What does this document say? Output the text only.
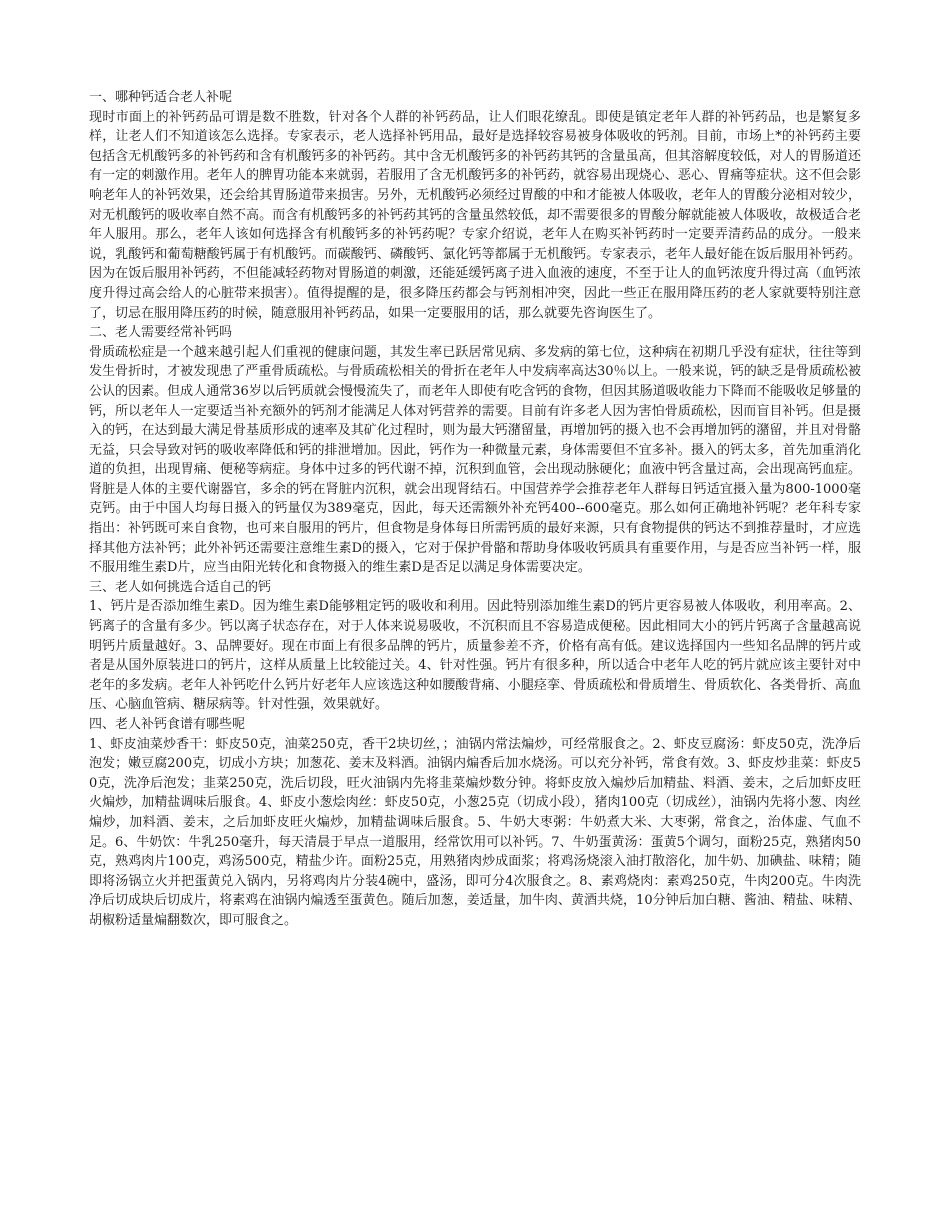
一、哪种钙适合老人补呢

现时市面上的补钙药品可谓是数不胜数，针对各个人群的补钙药品，让人们眼花缭乱。即使是镇定老年人群的补钙药品，也是繁复多样，让老人们不知道该怎么选择。专家表示，老人选择补钙用品，最好是选择较容易被身体吸收的钙剂。目前，市场上*的补钙药主要包括含无机酸钙多的补钙药和含有机酸钙多的补钙药。其中含无机酸钙多的补钙药其钙的含量虽高，但其溶解度较低，对人的胃肠道还有一定的刺激作用。老年人的脾胃功能本来就弱，若服用了含无机酸钙多的补钙药，就容易出现烧心、恶心、胃痛等症状。这不但会影响老年人的补钙效果，还会给其胃肠道带来损害。另外，无机酸钙必须经过胃酸的中和才能被人体吸收，老年人的胃酸分泌相对较少，对无机酸钙的吸收率自然不高。而含有机酸钙多的补钙药其钙的含量虽然较低，却不需要很多的胃酸分解就能被人体吸收，故极适合老年人服用。那么，老年人该如何选择含有机酸钙多的补钙药呢？专家介绍说，老年人在购买补钙药时一定要弄清药品的成分。一般来说，乳酸钙和葡萄糖酸钙属于有机酸钙。而碳酸钙、磷酸钙、氯化钙等都属于无机酸钙。专家表示，老年人最好能在饭后服用补钙药。因为在饭后服用补钙药，不但能减轻药物对胃肠道的刺激，还能延缓钙离子进入血液的速度，不至于让人的血钙浓度升得过高（血钙浓度升得过高会给人的心脏带来损害）。值得提醒的是，很多降压药都会与钙剂相冲突，因此一些正在服用降压药的老人家就要特别注意了，切忌在服用降压药的时候，随意服用补钙药品，如果一定要服用的话，那么就要先咨询医生了。

二、老人需要经常补钙吗

骨质疏松症是一个越来越引起人们重视的健康问题，其发生率已跃居常见病、多发病的第七位，这种病在初期几乎没有症状，往往等到发生骨折时，才被发现患了严重骨质疏松。与骨质疏松相关的骨折在老年人中发病率高达30％以上。一般来说，钙的缺乏是骨质疏松被公认的因素。但成人通常36岁以后钙质就会慢慢流失了，而老年人即使有吃含钙的食物，但因其肠道吸收能力下降而不能吸收足够量的钙，所以老年人一定要适当补充额外的钙剂才能满足人体对钙营养的需要。目前有许多老人因为害怕骨质疏松，因而盲目补钙。但是摄入的钙，在达到最大满足骨基质形成的速率及其矿化过程时，则为最大钙潴留量，再增加钙的摄入也不会再增加钙的潴留，并且对骨骼无益，只会导致对钙的吸收率降低和钙的排泄增加。因此，钙作为一种微量元素，身体需要但不宜多补。摄入的钙太多，首先加重消化道的负担，出现胃痛、便秘等病症。身体中过多的钙代谢不掉，沉积到血管，会出现动脉硬化；血液中钙含量过高，会出现高钙血症。肾脏是人体的主要代谢器官，多余的钙在肾脏内沉积，就会出现肾结石。中国营养学会推荐老年人群每日钙适宜摄入量为800-1000毫克钙。由于中国人均每日摄入的钙量仅为389毫克，因此，每天还需额外补充钙400--600毫克。那么如何正确地补钙呢？老年科专家指出：补钙既可来自食物，也可来自服用的钙片，但食物是身体每日所需钙质的最好来源，只有食物提供的钙达不到推荐量时，才应选择其他方法补钙；此外补钙还需要注意维生素D的摄入，它对于保护骨骼和帮助身体吸收钙质具有重要作用，与是否应当补钙一样，服不服用维生素D片，应当由阳光转化和食物摄入的维生素D是否足以满足身体需要决定。

三、老人如何挑选合适自己的钙

1、钙片是否添加维生素D。因为维生素D能够粗定钙的吸收和利用。因此特别添加维生素D的钙片更容易被人体吸收，利用率高。2、钙离子的含量有多少。钙以离子状态存在，对于人体来说易吸收，不沉积而且不容易造成便秘。因此相同大小的钙片钙离子含量越高说明钙片质量越好。3、品牌要好。现在市面上有很多品牌的钙片，质量参差不齐，价格有高有低。建议选择国内一些知名品牌的钙片或者是从国外原装进口的钙片，这样从质量上比较能过关。4、针对性强。钙片有很多种，所以适合中老年人吃的钙片就应该主要针对中老年的多发病。老年人补钙吃什么钙片好老年人应该选这种如腰酸背痛、小腿痉挛、骨质疏松和骨质增生、骨质软化、各类骨折、高血压、心脑血管病、糖尿病等。针对性强，效果就好。

四、老人补钙食谱有哪些呢

1、虾皮油菜炒香干：虾皮50克，油菜250克，香干2块切丝，；油锅内常法煸炒，可经常服食之。2、虾皮豆腐汤：虾皮50克，洗净后泡发；嫩豆腐200克，切成小方块；加葱花、姜末及料酒。油锅内煸香后加水烧汤。可以充分补钙，常食有效。3、虾皮炒韭菜：虾皮50克，洗净后泡发；韭菜250克，洗后切段，旺火油锅内先将韭菜煸炒数分钟。将虾皮放入煸炒后加精盐、料酒、姜末，之后加虾皮旺火煸炒，加精盐调味后服食。4、虾皮小葱烩肉丝：虾皮50克，小葱25克（切成小段），猪肉100克（切成丝），油锅内先将小葱、肉丝煸炒，加料酒、姜末，之后加虾皮旺火煸炒，加精盐调味后服食。5、牛奶大枣粥：牛奶煮大米、大枣粥，常食之，治体虚、气血不足。6、牛奶饮：牛乳250毫升，每天清晨于早点一道服用，经常饮用可以补钙。7、牛奶蛋黄汤：蛋黄5个调匀，面粉25克，熟猪肉50克，熟鸡肉片100克，鸡汤500克，精盐少许。面粉25克，用熟猪肉炒成面浆；将鸡汤烧滚入油打散溶化，加牛奶、加碘盐、味精；随即将汤锅立火并把蛋黄兑入锅内，另将鸡肉片分装4碗中，盛汤，即可分4次服食之。8、素鸡烧肉：素鸡250克，牛肉200克。牛肉洗净后切成块后切成片，将素鸡在油锅内煸透至蛋黄色。随后加葱，姜适量，加牛肉、黄酒共烧，10分钟后加白糖、酱油、精盐、味精、胡椒粉适量煸翻数次，即可服食之。
